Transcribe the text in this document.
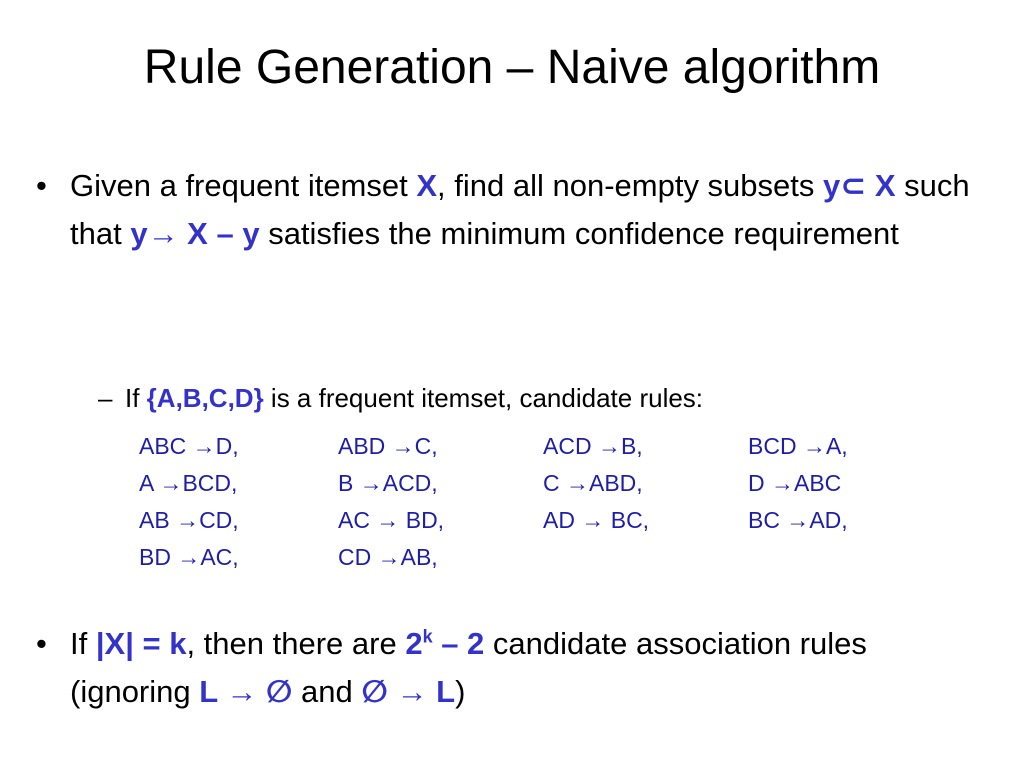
Rule Generation – Naive algorithm
• Given a frequent itemset X, find all non-empty subsets y⊂ X such that y→ X – y satisfies the minimum confidence requirement
– If {A,B,C,D} is a frequent itemset, candidate rules:
ABC →D,	ABD →C,	ACD →B,	BCD →A,
A →BCD,	B →ACD,	C →ABD,	D →ABC
AB →CD,	AC → BD,	AD → BC,	BC →AD,
BD →AC,	CD →AB,
• If |X| = k, then there are 2$^k$ – 2 candidate association rules (ignoring L → ∅ and ∅ → L)
